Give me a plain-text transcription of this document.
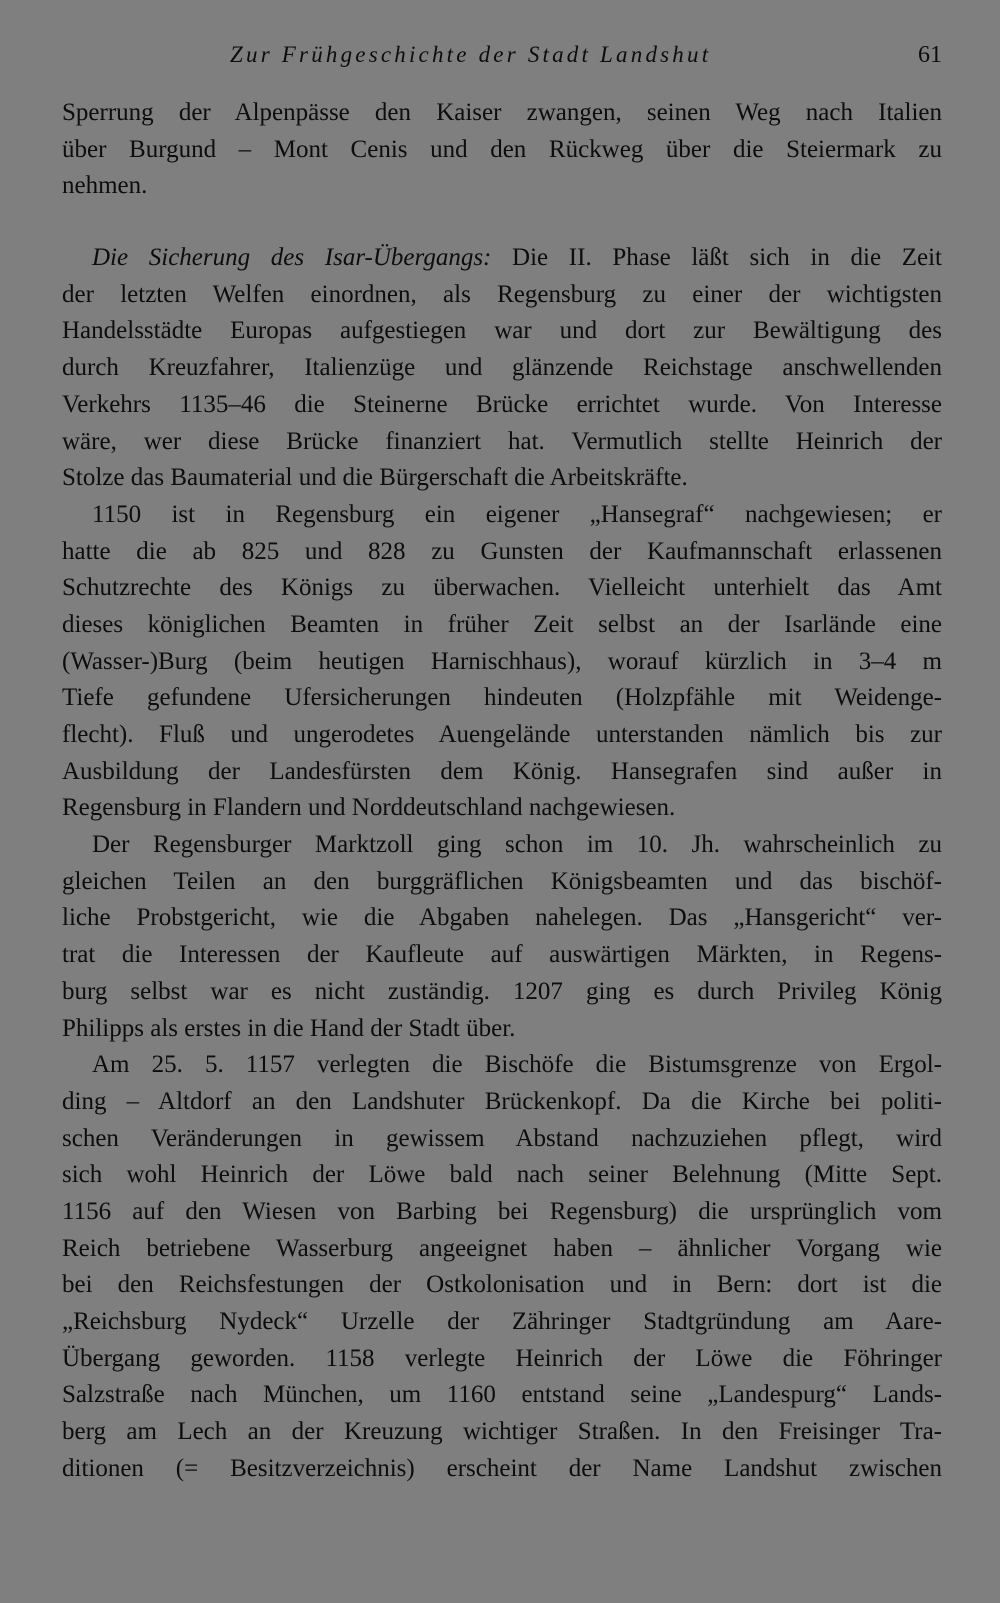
Zur Frühgeschichte der Stadt Landshut	61
Sperrung der Alpenpässe den Kaiser zwangen, seinen Weg nach Italien
über Burgund – Mont Cenis und den Rückweg über die Steiermark zu
nehmen.
Die Sicherung des Isar-Übergangs: Die II. Phase läßt sich in die Zeit
der letzten Welfen einordnen, als Regensburg zu einer der wichtigsten
Handelsstädte Europas aufgestiegen war und dort zur Bewältigung des
durch Kreuzfahrer, Italienzüge und glänzende Reichstage anschwellenden
Verkehrs 1135–46 die Steinerne Brücke errichtet wurde. Von Interesse
wäre, wer diese Brücke finanziert hat. Vermutlich stellte Heinrich der
Stolze das Baumaterial und die Bürgerschaft die Arbeitskräfte.
1150 ist in Regensburg ein eigener „Hansegraf“ nachgewiesen; er
hatte die ab 825 und 828 zu Gunsten der Kaufmannschaft erlassenen
Schutzrechte des Königs zu überwachen. Vielleicht unterhielt das Amt
dieses königlichen Beamten in früher Zeit selbst an der Isarlände eine
(Wasser-)Burg (beim heutigen Harnischhaus), worauf kürzlich in 3–4 m
Tiefe gefundene Ufersicherungen hindeuten (Holzpfähle mit Weidenge-
flecht). Fluß und ungerodetes Auengelände unterstanden nämlich bis zur
Ausbildung der Landesfürsten dem König. Hansegrafen sind außer in
Regensburg in Flandern und Norddeutschland nachgewiesen.
Der Regensburger Marktzoll ging schon im 10. Jh. wahrscheinlich zu
gleichen Teilen an den burggräflichen Königsbeamten und das bischöf-
liche Probstgericht, wie die Abgaben nahelegen. Das „Hansgericht“ ver-
trat die Interessen der Kaufleute auf auswärtigen Märkten, in Regens-
burg selbst war es nicht zuständig. 1207 ging es durch Privileg König
Philipps als erstes in die Hand der Stadt über.
Am 25. 5. 1157 verlegten die Bischöfe die Bistumsgrenze von Ergol-
ding – Altdorf an den Landshuter Brückenkopf. Da die Kirche bei politi-
schen Veränderungen in gewissem Abstand nachzuziehen pflegt, wird
sich wohl Heinrich der Löwe bald nach seiner Belehnung (Mitte Sept.
1156 auf den Wiesen von Barbing bei Regensburg) die ursprünglich vom
Reich betriebene Wasserburg angeeignet haben – ähnlicher Vorgang wie
bei den Reichsfestungen der Ostkolonisation und in Bern: dort ist die
„Reichsburg Nydeck“ Urzelle der Zähringer Stadtgründung am Aare-
Übergang geworden. 1158 verlegte Heinrich der Löwe die Föhringer
Salzstraße nach München, um 1160 entstand seine „Landespurg“ Lands-
berg am Lech an der Kreuzung wichtiger Straßen. In den Freisinger Tra-
ditionen (= Besitzverzeichnis) erscheint der Name Landshut zwischen
